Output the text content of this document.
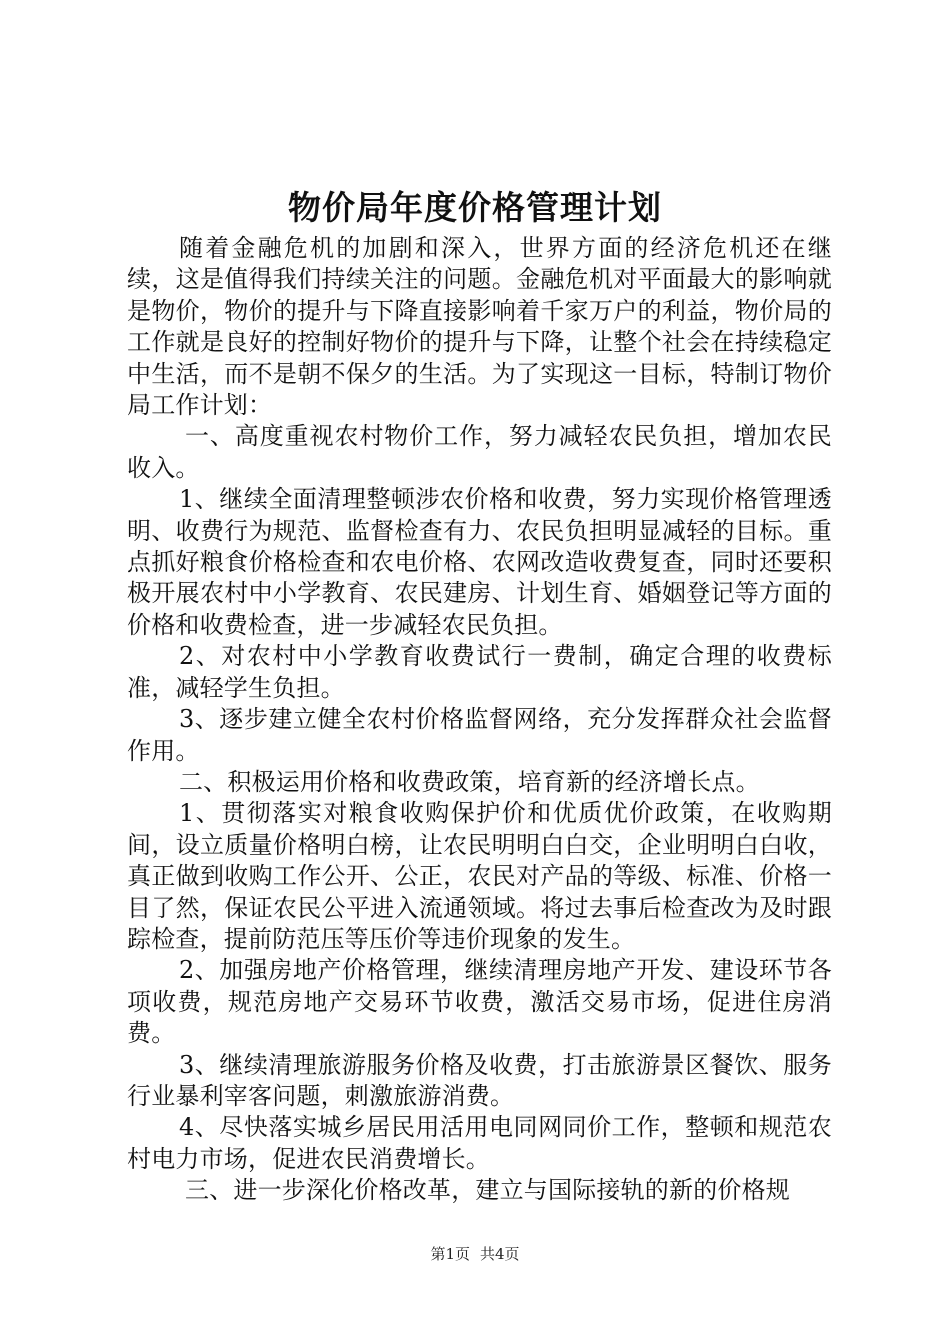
物价局年度价格管理计划

随着金融危机的加剧和深入，世界方面的经济危机还在继续，这是值得我们持续关注的问题。金融危机对平面最大的影响就是物价，物价的提升与下降直接影响着千家万户的利益，物价局的工作就是良好的控制好物价的提升与下降，让整个社会在持续稳定中生活，而不是朝不保夕的生活。为了实现这一目标，特制订物价局工作计划：

一、高度重视农村物价工作，努力减轻农民负担，增加农民收入。

1、继续全面清理整顿涉农价格和收费，努力实现价格管理透明、收费行为规范、监督检查有力、农民负担明显减轻的目标。重点抓好粮食价格检查和农电价格、农网改造收费复查，同时还要积极开展农村中小学教育、农民建房、计划生育、婚姻登记等方面的价格和收费检查，进一步减轻农民负担。

2、对农村中小学教育收费试行一费制，确定合理的收费标准，减轻学生负担。

3、逐步建立健全农村价格监督网络，充分发挥群众社会监督作用。

二、积极运用价格和收费政策，培育新的经济增长点。

1、贯彻落实对粮食收购保护价和优质优价政策，在收购期间，设立质量价格明白榜，让农民明明白白交，企业明明白白收，真正做到收购工作公开、公正，农民对产品的等级、标准、价格一目了然，保证农民公平进入流通领域。将过去事后检查改为及时跟踪检查，提前防范压等压价等违价现象的发生。

2、加强房地产价格管理，继续清理房地产开发、建设环节各项收费，规范房地产交易环节收费，激活交易市场，促进住房消费。

3、继续清理旅游服务价格及收费，打击旅游景区餐饮、服务行业暴利宰客问题，刺激旅游消费。

4、尽快落实城乡居民用活用电同网同价工作，整顿和规范农村电力市场，促进农民消费增长。

三、进一步深化价格改革，建立与国际接轨的新的价格规

第1页 共4页
